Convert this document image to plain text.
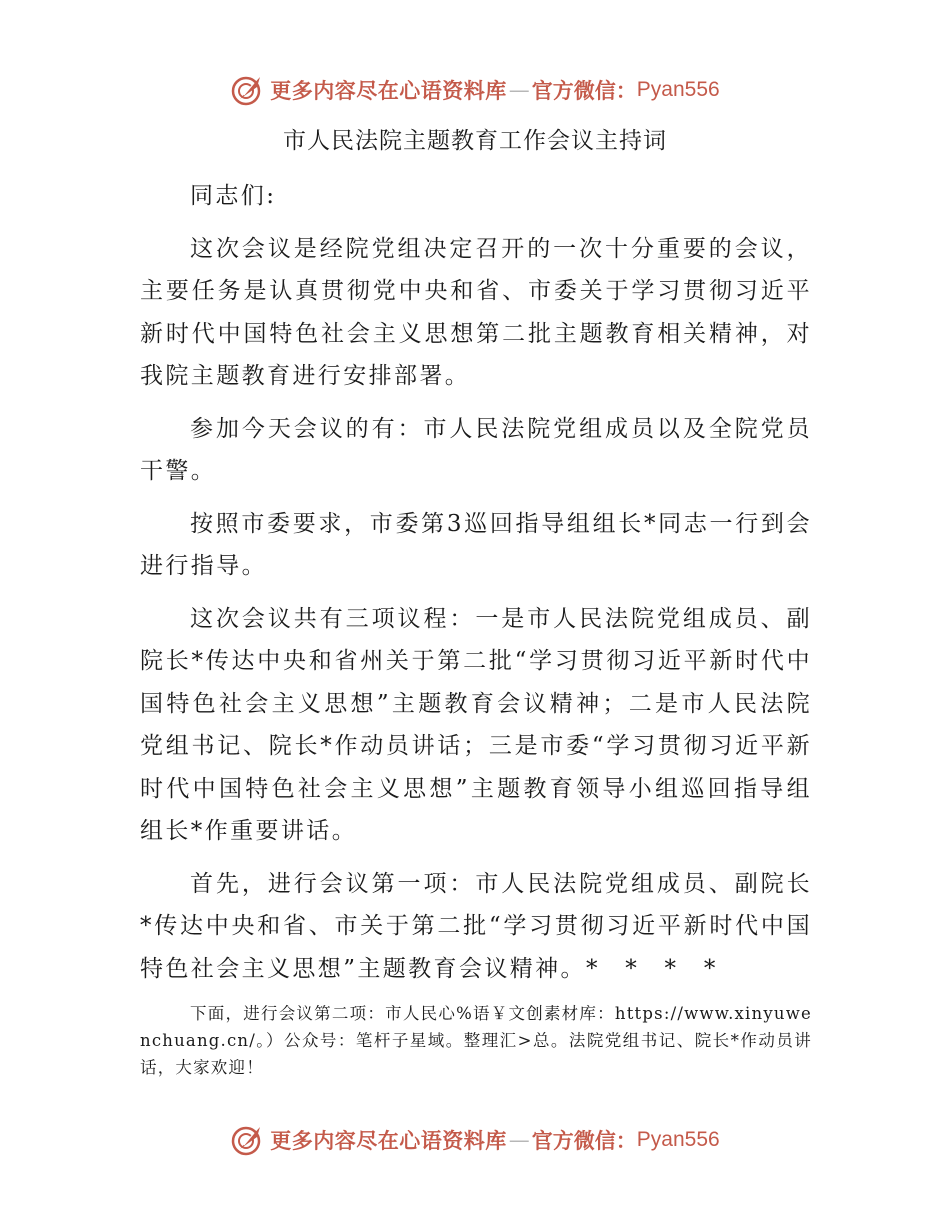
更多内容尽在心语资料库 — 官方微信： Pyan556
市人民法院主题教育工作会议主持词

同志们:

这次会议是经院党组决定召开的一次十分重要的会议，主要任务是认真贯彻党中央和省、市委关于学习贯彻习近平新时代中国特色社会主义思想第二批主题教育相关精神，对我院主题教育进行安排部署。

参加今天会议的有：市人民法院党组成员以及全院党员干警。

按照市委要求，市委第3巡回指导组组长*同志一行到会进行指导。

这次会议共有三项议程：一是市人民法院党组成员、副院长*传达中央和省州关于第二批“学习贯彻习近平新时代中国特色社会主义思想”主题教育会议精神；二是市人民法院党组书记、院长*作动员讲话；三是市委“学习贯彻习近平新时代中国特色社会主义思想”主题教育领导小组巡回指导组组长*作重要讲话。

首先，进行会议第一项：市人民法院党组成员、副院长*传达中央和省、市关于第二批“学习贯彻习近平新时代中国特色社会主义思想”主题教育会议精神。*　*　*　*

下面，进行会议第二项：市人民心%语￥文创素材库：https://www.xinyuwenchuang.cn/。）公众号：笔杆子星域。整理汇>总。法院党组书记、院长*作动员讲话，大家欢迎！

更多内容尽在心语资料库 — 官方微信： Pyan556
